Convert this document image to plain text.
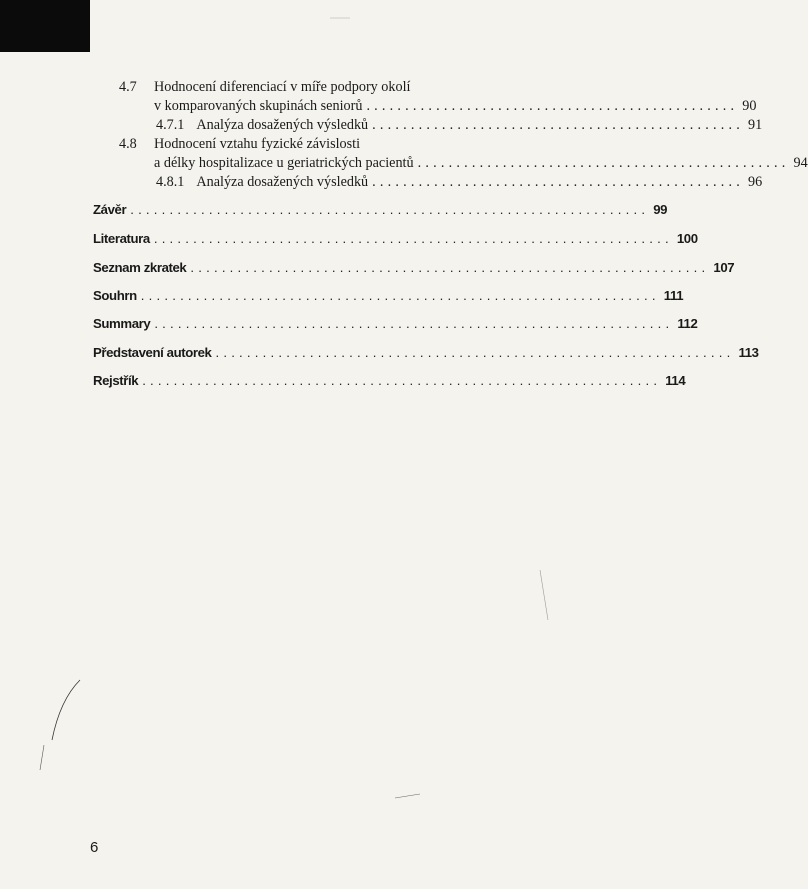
4.7 Hodnocení diferenciací v míře podpory okolí
v komparovaných skupinách seniorů ................................................ 90
4.7.1 Analýza dosažených výsledků ................................................ 91
4.8 Hodnocení vztahu fyzické závislosti
a délky hospitalizace u geriatrických pacientů ................................................ 94
4.8.1 Analýza dosažených výsledků ................................................ 96
Závěr .................................................................. 99
Literatura .................................................................. 100
Seznam zkratek .................................................................. 107
Souhrn .................................................................. 111
Summary .................................................................. 112
Představení autorek .................................................................. 113
Rejstřík .................................................................. 114
6
